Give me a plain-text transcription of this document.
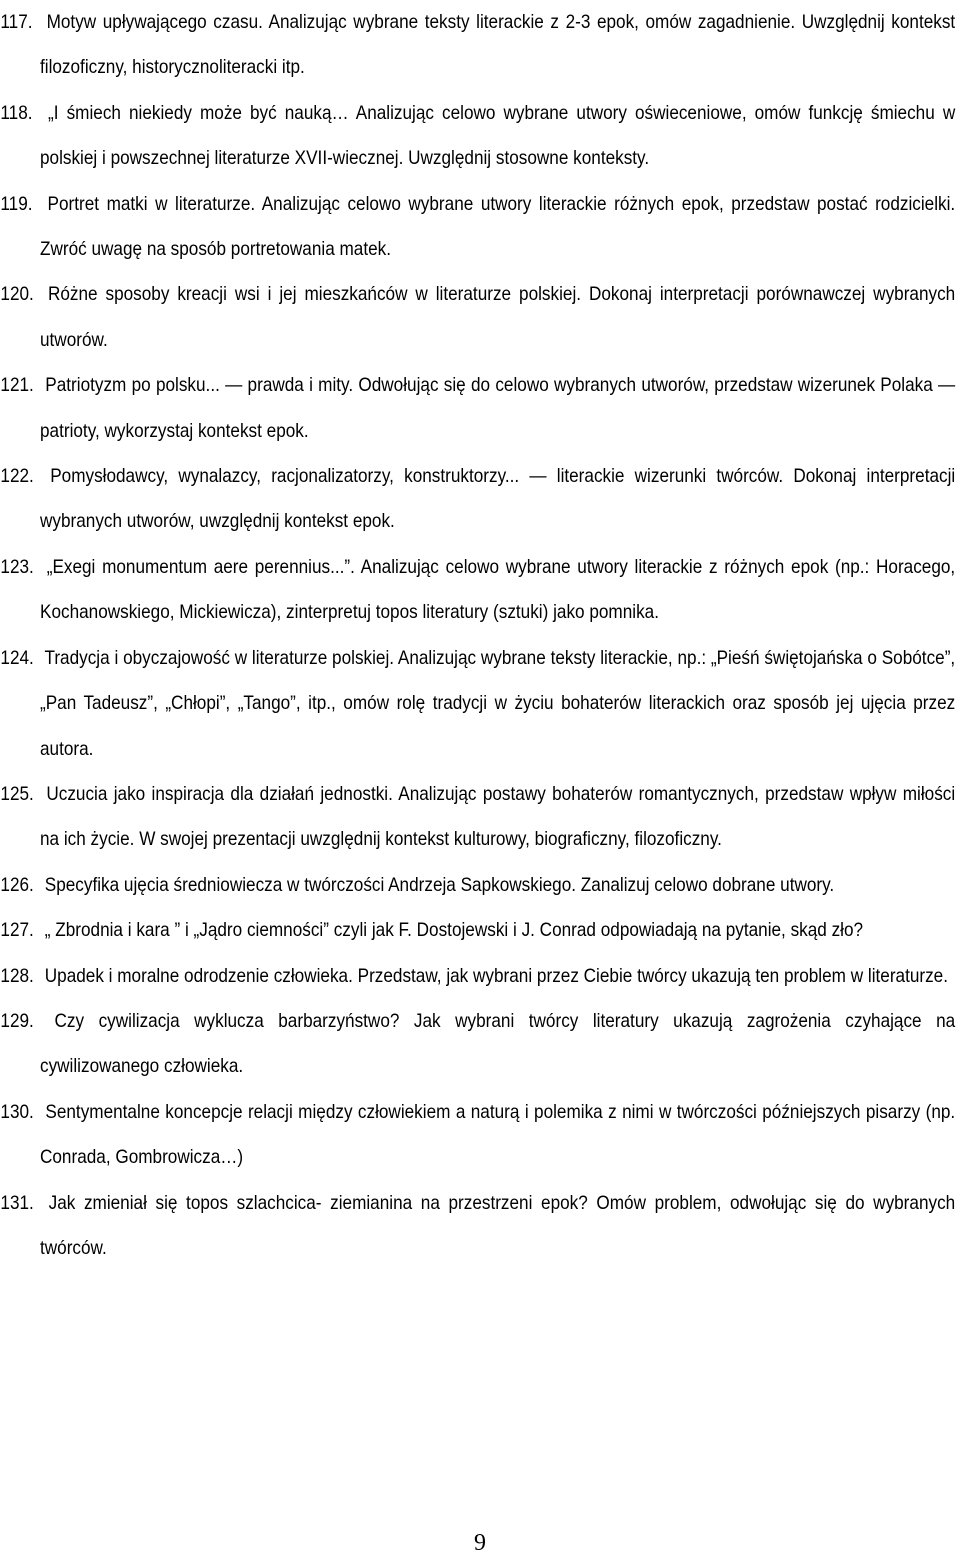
117. Motyw upływającego czasu. Analizując wybrane teksty literackie z 2-3 epok, omów zagadnienie. Uwzględnij kontekst filozoficzny, historycznoliteracki itp.
118. „I śmiech niekiedy może być nauką… Analizując celowo wybrane utwory oświeceniowe, omów funkcję śmiechu w polskiej i powszechnej literaturze XVII-wiecznej. Uwzględnij stosowne konteksty.
119. Portret matki w literaturze. Analizując celowo wybrane utwory literackie różnych epok, przedstaw postać rodzicielki. Zwróć uwagę na sposób portretowania matek.
120. Różne sposoby kreacji wsi i jej mieszkańców w literaturze polskiej. Dokonaj interpretacji porównawczej wybranych utworów.
121. Patriotyzm po polsku... — prawda i mity. Odwołując się do celowo wybranych utworów, przedstaw wizerunek Polaka — patrioty, wykorzystaj kontekst epok.
122. Pomysłodawcy, wynalazcy, racjonalizatorzy, konstruktorzy... — literackie wizerunki twórców. Dokonaj interpretacji wybranych utworów, uwzględnij kontekst epok.
123. „Exegi monumentum aere perennius...”. Analizując celowo wybrane utwory literackie z różnych epok (np.: Horacego, Kochanowskiego, Mickiewicza), zinterpretuj topos literatury (sztuki) jako pomnika.
124. Tradycja i obyczajowość w literaturze polskiej. Analizując wybrane teksty literackie, np.: „Pieśń świętojańska o Sobótce”, „Pan Tadeusz”, „Chłopi”, „Tango”, itp., omów rolę tradycji w życiu bohaterów literackich oraz sposób jej ujęcia przez autora.
125. Uczucia jako inspiracja dla działań jednostki. Analizując postawy bohaterów romantycznych, przedstaw wpływ miłości na ich życie. W swojej prezentacji uwzględnij kontekst kulturowy, biograficzny, filozoficzny.
126. Specyfika ujęcia średniowiecza w twórczości Andrzeja Sapkowskiego. Zanalizuj celowo dobrane utwory.
127. „ Zbrodnia i kara ” i „Jądro ciemności” czyli jak F. Dostojewski i J. Conrad odpowiadają na pytanie, skąd zło?
128. Upadek i moralne odrodzenie człowieka. Przedstaw, jak wybrani przez Ciebie twórcy ukazują ten problem w literaturze.
129. Czy cywilizacja wyklucza barbarzyństwo? Jak wybrani twórcy literatury ukazują zagrożenia czyhające na cywilizowanego człowieka.
130. Sentymentalne koncepcje relacji między człowiekiem a naturą i polemika z nimi w twórczości późniejszych pisarzy (np. Conrada, Gombrowicza…)
131. Jak zmieniał się topos szlachcica- ziemianina na przestrzeni epok? Omów problem, odwołując się do wybranych twórców.
9
